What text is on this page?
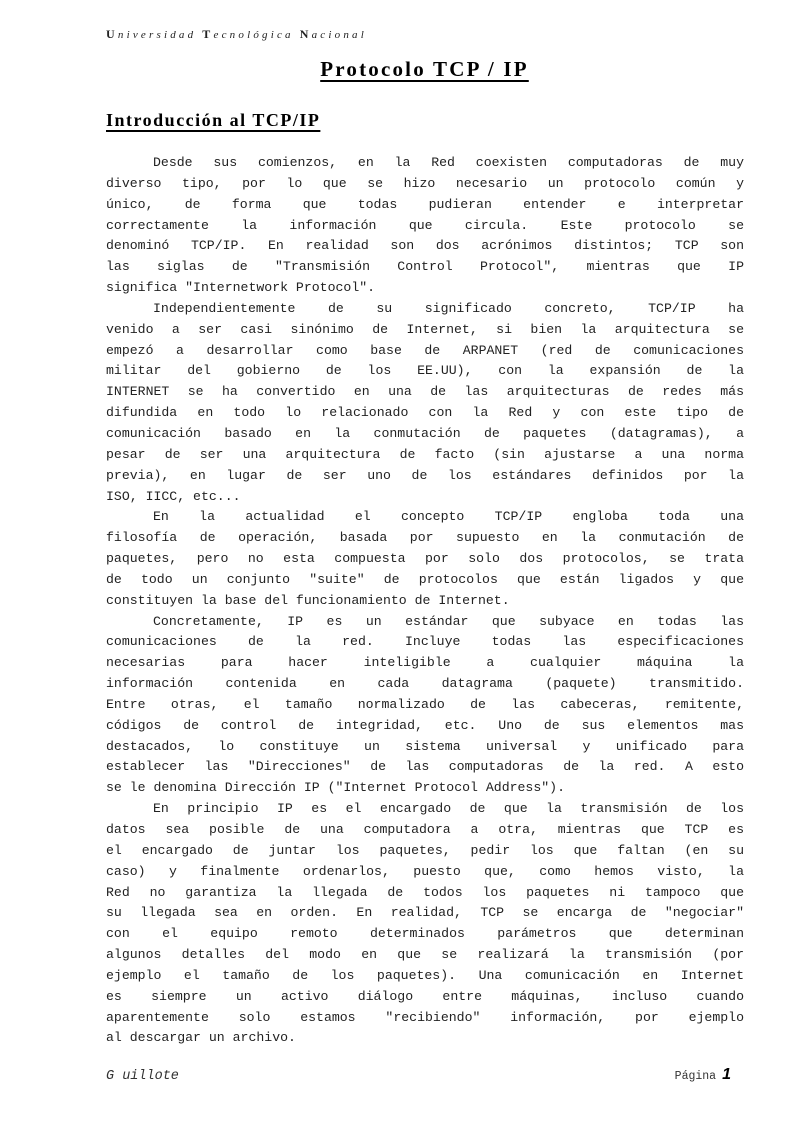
Universidad Tecnológica Nacional
Protocolo TCP / IP
Introducción al TCP/IP
Desde sus comienzos, en la Red coexisten computadoras de muy
diverso tipo, por lo que se hizo necesario un protocolo común y
único, de forma que todas pudieran entender e interpretar
correctamente la información que circula. Este protocolo se
denominó TCP/IP. En realidad son dos acrónimos distintos; TCP son
las siglas de "Transmisión Control Protocol", mientras que IP
significa "Internetwork Protocol".
Independientemente de su significado concreto, TCP/IP ha
venido a ser casi sinónimo de Internet, si bien la arquitectura se
empezó a desarrollar como base de ARPANET (red de comunicaciones
militar del gobierno de los EE.UU), con la expansión de la
INTERNET se ha convertido en una de las arquitecturas de redes más
difundida en todo lo relacionado con la Red y con este tipo de
comunicación basado en la conmutación de paquetes (datagramas), a
pesar de ser una arquitectura de facto (sin ajustarse a una norma
previa), en lugar de ser uno de los estándares definidos por la
ISO, IICC, etc...
En la actualidad el concepto TCP/IP engloba toda una
filosofía de operación, basada por supuesto en la conmutación de
paquetes, pero no esta compuesta por solo dos protocolos, se trata
de todo un conjunto "suite" de protocolos que están ligados y que
constituyen la base del funcionamiento de Internet.
Concretamente, IP es un estándar que subyace en todas las
comunicaciones de la red. Incluye todas las especificaciones
necesarias para hacer inteligible a cualquier máquina la
información contenida en cada datagrama (paquete) transmitido.
Entre otras, el tamaño normalizado de las cabeceras, remitente,
códigos de control de integridad, etc. Uno de sus elementos mas
destacados, lo constituye un sistema universal y unificado para
establecer las "Direcciones" de las computadoras de la red. A esto
se le denomina Dirección IP ("Internet Protocol Address").
En principio IP es el encargado de que la transmisión de los
datos sea posible de una computadora a otra, mientras que TCP es
el encargado de juntar los paquetes, pedir los que faltan (en su
caso) y finalmente ordenarlos, puesto que, como hemos visto, la
Red no garantiza la llegada de todos los paquetes ni tampoco que
su llegada sea en orden. En realidad, TCP se encarga de "negociar"
con el equipo remoto determinados parámetros que determinan
algunos detalles del modo en que se realizará la transmisión (por
ejemplo el tamaño de los paquetes). Una comunicación en Internet
es siempre un activo diálogo entre máquinas, incluso cuando
aparentemente solo estamos "recibiendo" información, por ejemplo
al descargar un archivo.
G uillote	Página 1
